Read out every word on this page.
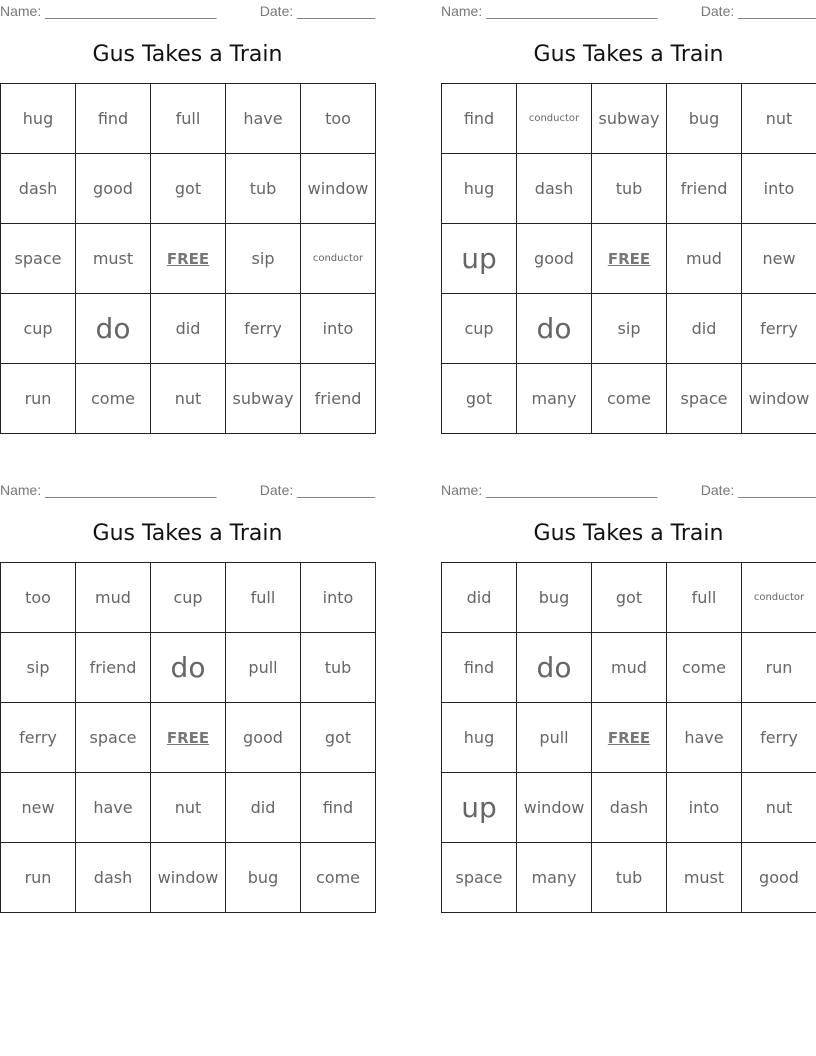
Name: ______________________	Date: __________
Gus Takes a Train
hug	find	full	have	too
dash	good	got	tub	window
space	must	FREE	sip	conductor
cup	do	did	ferry	into
run	come	nut	subway	friend
Name: ______________________	Date: __________
Gus Takes a Train
find	conductor	subway	bug	nut
hug	dash	tub	friend	into
up	good	FREE	mud	new
cup	do	sip	did	ferry
got	many	come	space	window
Name: ______________________	Date: __________
Gus Takes a Train
too	mud	cup	full	into
sip	friend	do	pull	tub
ferry	space	FREE	good	got
new	have	nut	did	find
run	dash	window	bug	come
Name: ______________________	Date: __________
Gus Takes a Train
did	bug	got	full	conductor
find	do	mud	come	run
hug	pull	FREE	have	ferry
up	window	dash	into	nut
space	many	tub	must	good
